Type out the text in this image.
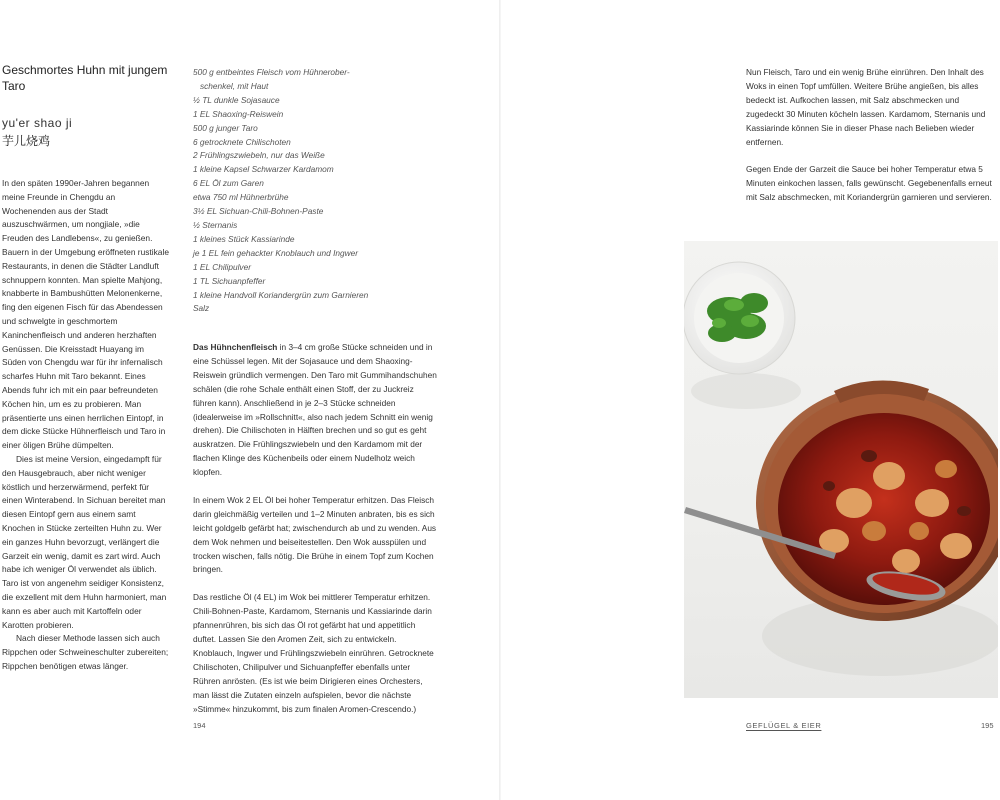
Geschmortes Huhn mit jungem Taro
yu'er shao ji
芋儿烧鸡

In den späten 1990er-Jahren begannen meine Freunde in Chengdu an Wochenenden aus der Stadt auszuschwärmen, um nongjiale, »die Freuden des Landlebens«, zu genießen. Bauern in der Umgebung eröffneten rustikale Restaurants, in denen die Städter Landluft schnuppern konnten. Man spielte Mahjong, knabberte in Bambushütten Melonenkerne, fing den eigenen Fisch für das Abendessen und schwelgte in geschmortem Kaninchenfleisch und anderen herzhaften Genüssen. Die Kreisstadt Huayang im Süden von Chengdu war für ihr infernalisch scharfes Huhn mit Taro bekannt. Eines Abends fuhr ich mit ein paar befreundeten Köchen hin, um es zu probieren. Man präsentierte uns einen herrlichen Eintopf, in dem dicke Stücke Hühnerfleisch und Taro in einer öligen Brühe dümpelten.

Dies ist meine Version, eingedampft für den Hausgebrauch, aber nicht weniger köstlich und herzerwärmend, perfekt für einen Winterabend. In Sichuan bereitet man diesen Eintopf gern aus einem samt Knochen in Stücke zerteilten Huhn zu. Wer ein ganzes Huhn bevorzugt, verlängert die Garzeit ein wenig, damit es zart wird. Auch habe ich weniger Öl verwendet als üblich. Taro ist von angenehm seidiger Konsistenz, die exzellent mit dem Huhn harmoniert, man kann es aber auch mit Kartoffeln oder Karotten probieren.

Nach dieser Methode lassen sich auch Rippchen oder Schweineschulter zubereiten; Rippchen benötigen etwas länger.

500 g entbeintes Fleisch vom Hühnerober-
schenkel, mit Haut
½ TL dunkle Sojasauce
1 EL Shaoxing-Reiswein
500 g junger Taro
6 getrocknete Chilischoten
2 Frühlingszwiebeln, nur das Weiße
1 kleine Kapsel Schwarzer Kardamom
6 EL Öl zum Garen
etwa 750 ml Hühnerbrühe
3½ EL Sichuan-Chili-Bohnen-Paste
½ Sternanis
1 kleines Stück Kassiarinde
je 1 EL fein gehackter Knoblauch und Ingwer
1 EL Chilipulver
1 TL Sichuanpfeffer
1 kleine Handvoll Koriandergrün zum Garnieren
Salz

Das Hühnchenfleisch in 3–4 cm große Stücke schneiden und in eine Schüssel legen. Mit der Sojasauce und dem Shaoxing-Reiswein gründlich vermengen. Den Taro mit Gummihandschuhen schälen (die rohe Schale enthält einen Stoff, der zu Juckreiz führen kann). Anschließend in je 2–3 Stücke schneiden (idealerweise im »Rollschnitt«, also nach jedem Schnitt ein wenig drehen). Die Chilischoten in Hälften brechen und so gut es geht auskratzen. Die Frühlingszwiebeln und den Kardamom mit der flachen Klinge des Küchenbeils oder einem Nudelholz weich klopfen.

In einem Wok 2 EL Öl bei hoher Temperatur erhitzen. Das Fleisch darin gleichmäßig verteilen und 1–2 Minuten anbraten, bis es sich leicht goldgelb gefärbt hat; zwischendurch ab und zu wenden. Aus dem Wok nehmen und beiseitestellen. Den Wok ausspülen und trocken wischen, falls nötig. Die Brühe in einem Topf zum Kochen bringen.

Das restliche Öl (4 EL) im Wok bei mittlerer Temperatur erhitzen. Chili-Bohnen-Paste, Kardamom, Sternanis und Kassiarinde darin pfannenrühren, bis sich das Öl rot gefärbt hat und appetitlich duftet. Lassen Sie den Aromen Zeit, sich zu entwickeln. Knoblauch, Ingwer und Frühlingszwiebeln einrühren. Getrocknete Chilischoten, Chilipulver und Sichuanpfeffer ebenfalls unter Rühren anrösten. (Es ist wie beim Dirigieren eines Orchesters, man lässt die Zutaten einzeln aufspielen, bevor die nächste »Stimme« hinzukommt, bis zum finalen Aromen-Crescendo.)

194

Nun Fleisch, Taro und ein wenig Brühe einrühren. Den Inhalt des Woks in einen Topf umfüllen. Weitere Brühe angießen, bis alles bedeckt ist. Aufkochen lassen, mit Salz abschmecken und zugedeckt 30 Minuten köcheln lassen. Kardamom, Sternanis und Kassiarinde können Sie in dieser Phase nach Belieben wieder entfernen.

Gegen Ende der Garzeit die Sauce bei hoher Temperatur etwa 5 Minuten einkochen lassen, falls gewünscht. Gegebenenfalls erneut mit Salz abschmecken, mit Koriandergrün garnieren und servieren.

GEFLÜGEL & EIER	195
